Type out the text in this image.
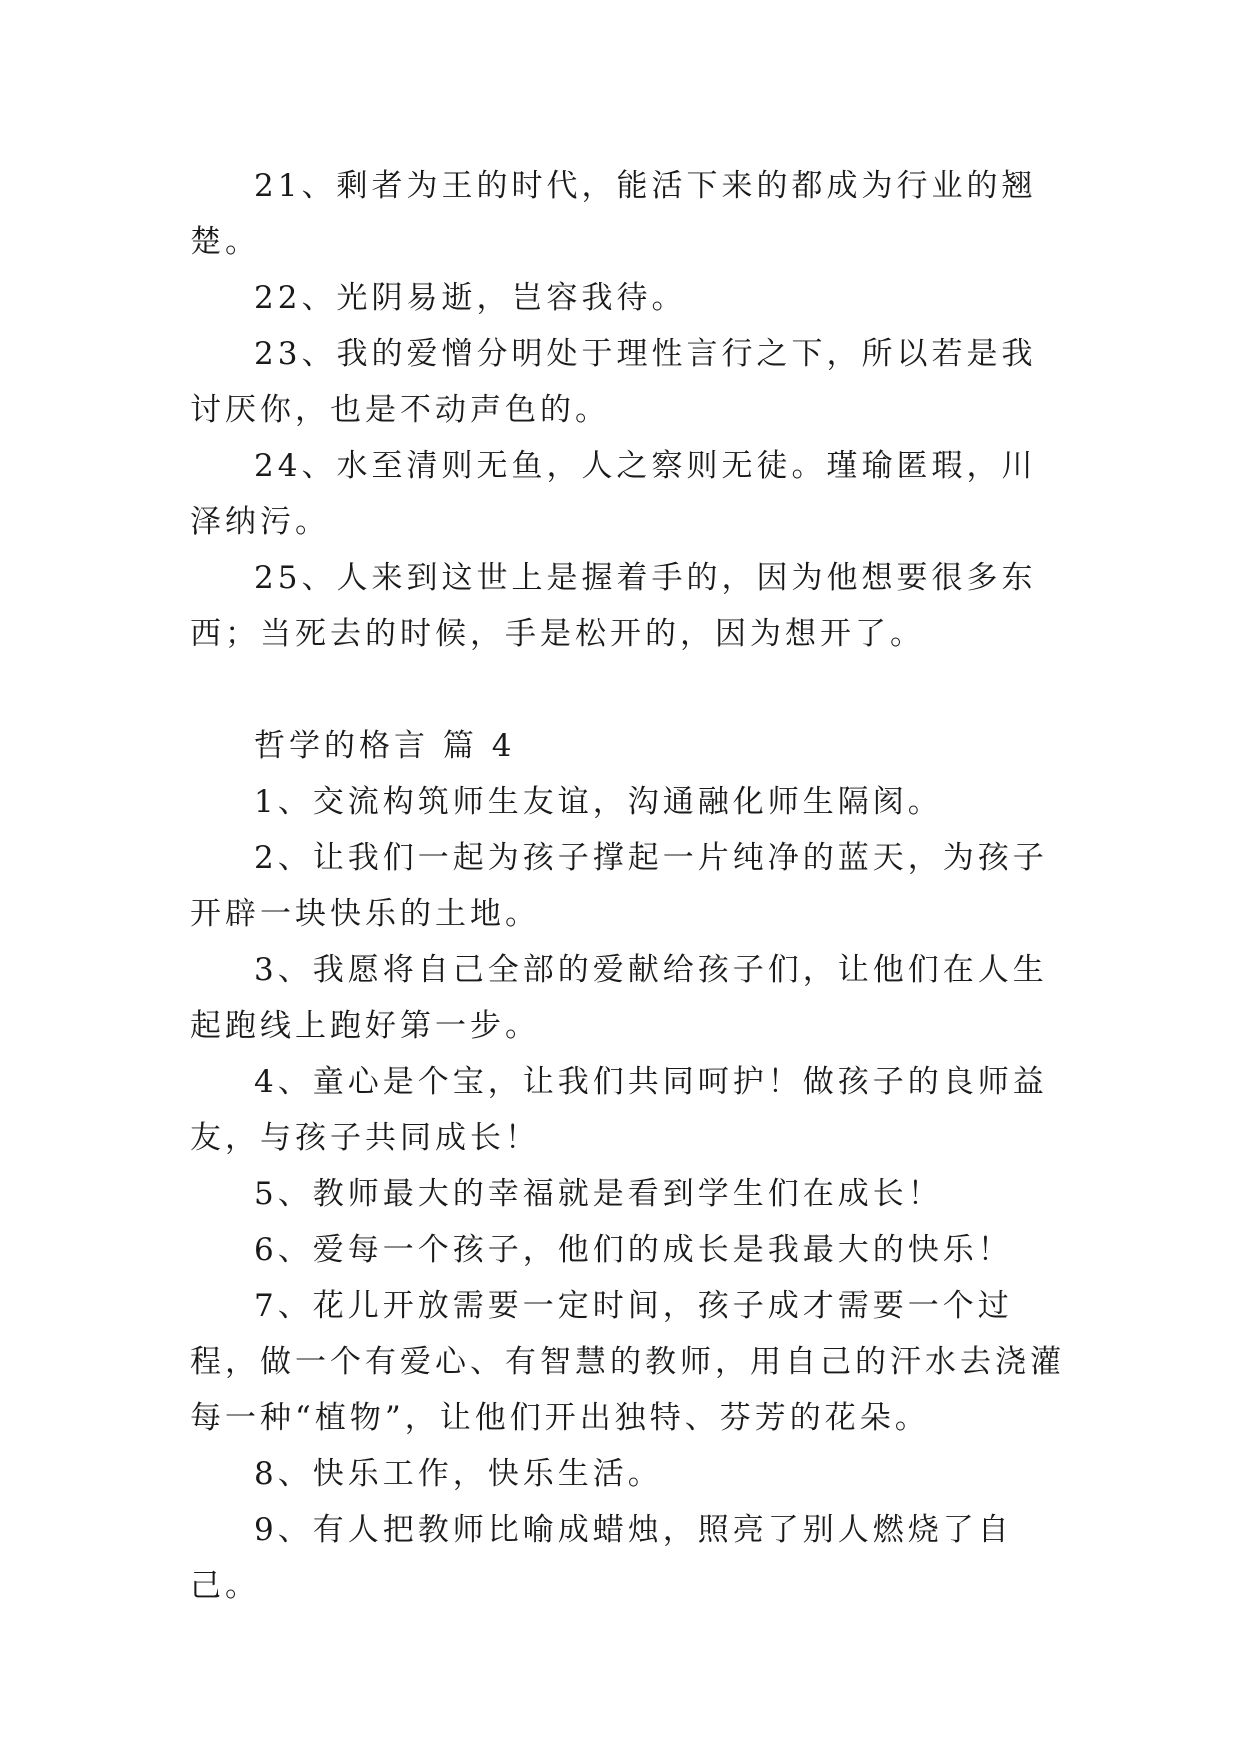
21、剩者为王的时代，能活下来的都成为行业的翘楚。

22、光阴易逝，岂容我待。

23、我的爱憎分明处于理性言行之下，所以若是我讨厌你，也是不动声色的。

24、水至清则无鱼，人之察则无徒。瑾瑜匿瑕，川泽纳污。

25、人来到这世上是握着手的，因为他想要很多东西；当死去的时候，手是松开的，因为想开了。

哲学的格言 篇 4

1、交流构筑师生友谊，沟通融化师生隔阂。

2、让我们一起为孩子撑起一片纯净的蓝天，为孩子开辟一块快乐的土地。

3、我愿将自己全部的爱献给孩子们，让他们在人生起跑线上跑好第一步。

4、童心是个宝，让我们共同呵护！做孩子的良师益友，与孩子共同成长！

5、教师最大的幸福就是看到学生们在成长！

6、爱每一个孩子，他们的成长是我最大的快乐！

7、花儿开放需要一定时间，孩子成才需要一个过程，做一个有爱心、有智慧的教师，用自己的汗水去浇灌每一种“植物”，让他们开出独特、芬芳的花朵。

8、快乐工作，快乐生活。

9、有人把教师比喻成蜡烛，照亮了别人燃烧了自己。
